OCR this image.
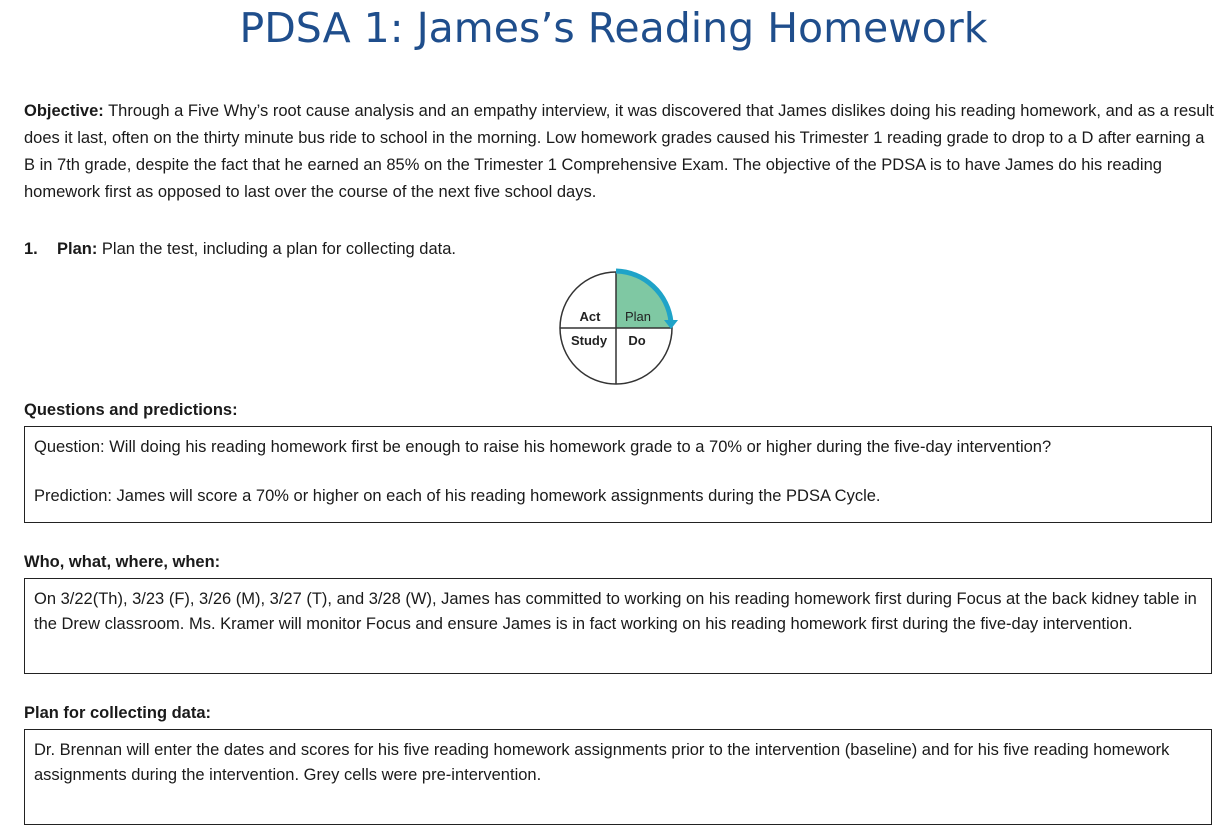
PDSA 1: James’s Reading Homework
Objective: Through a Five Why’s root cause analysis and an empathy interview, it was discovered that James dislikes doing his reading homework, and as a result does it last, often on the thirty minute bus ride to school in the morning. Low homework grades caused his Trimester 1 reading grade to drop to a D after earning a B in 7th grade, despite the fact that he earned an 85% on the Trimester 1 Comprehensive Exam. The objective of the PDSA is to have James do his reading homework first as opposed to last over the course of the next five school days.
1. Plan: Plan the test, including a plan for collecting data.
Act Plan
Study Do
Questions and predictions:

Question: Will doing his reading homework first be enough to raise his homework grade to a 70% or higher during the five-day intervention?

Prediction: James will score a 70% or higher on each of his reading homework assignments during the PDSA Cycle.

Who, what, where, when:

On 3/22(Th), 3/23 (F), 3/26 (M), 3/27 (T), and 3/28 (W), James has committed to working on his reading homework first during Focus at the back kidney table in the Drew classroom. Ms. Kramer will monitor Focus and ensure James is in fact working on his reading homework first during the five-day intervention.

Plan for collecting data:

Dr. Brennan will enter the dates and scores for his five reading homework assignments prior to the intervention (baseline) and for his five reading homework assignments during the intervention. Grey cells were pre-intervention.
